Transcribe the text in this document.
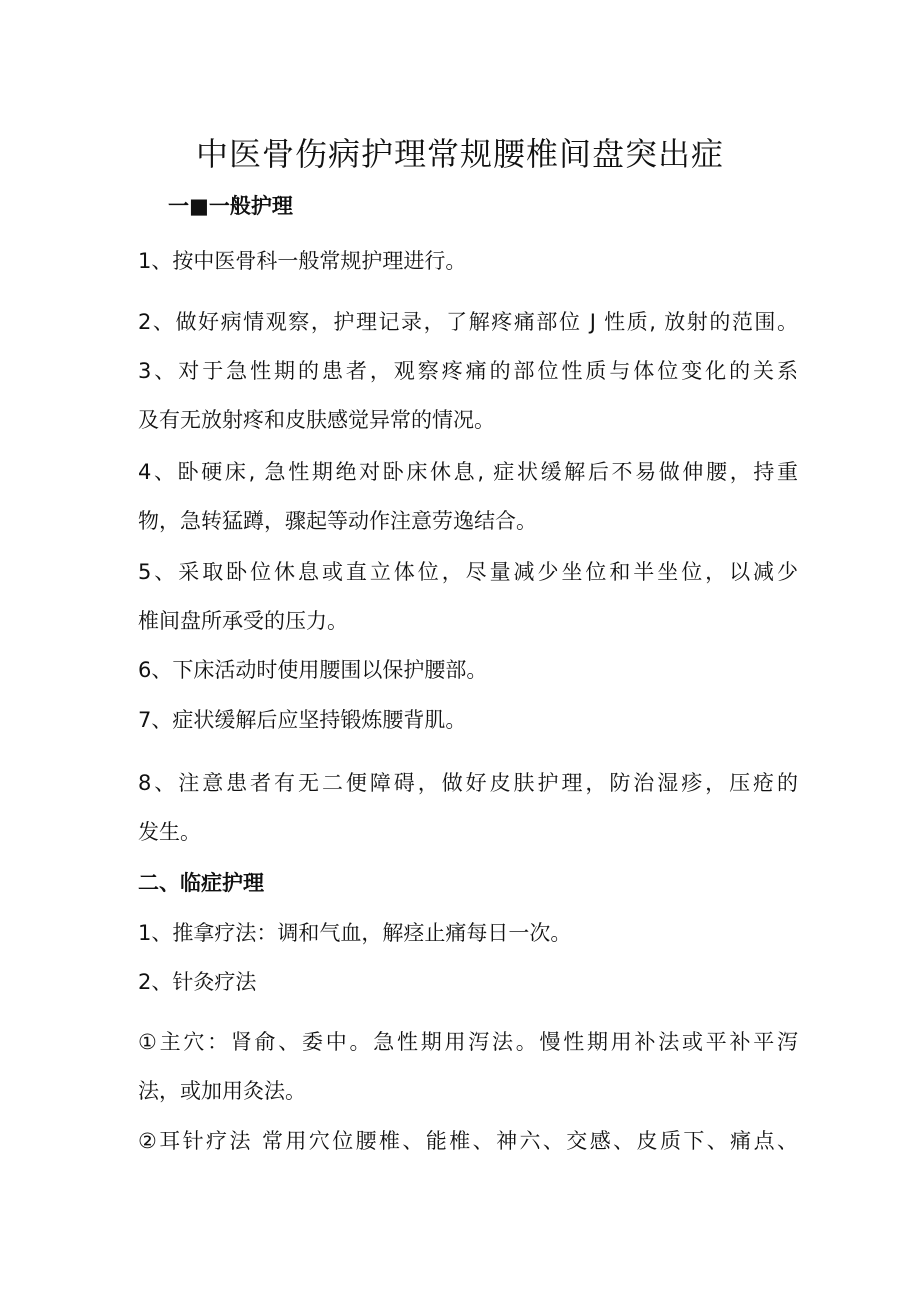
中医骨伤病护理常规腰椎间盘突出症

一■一般护理

1、按中医骨科一般常规护理进行。

2、做好病情观察，护理记录，了解疼痛部位 J 性质, 放射的范围。

3、对于急性期的患者，观察疼痛的部位性质与体位变化的关系

及有无放射疼和皮肤感觉异常的情况。

4、卧硬床, 急性期绝对卧床休息, 症状缓解后不易做伸腰，持重

物，急转猛蹲，骤起等动作注意劳逸结合。

5、采取卧位休息或直立体位，尽量减少坐位和半坐位，以减少

椎间盘所承受的压力。

6、下床活动时使用腰围以保护腰部。

7、症状缓解后应坚持锻炼腰背肌。

8、注意患者有无二便障碍，做好皮肤护理，防治湿疹，压疮的

发生。

二、临症护理

1、推拿疗法：调和气血，解痉止痛每日一次。

2、针灸疗法

①主穴：肾俞、委中。急性期用泻法。慢性期用补法或平补平泻

法，或加用灸法。

②耳针疗法 常用穴位腰椎、能椎、神六、交感、皮质下、痛点、
